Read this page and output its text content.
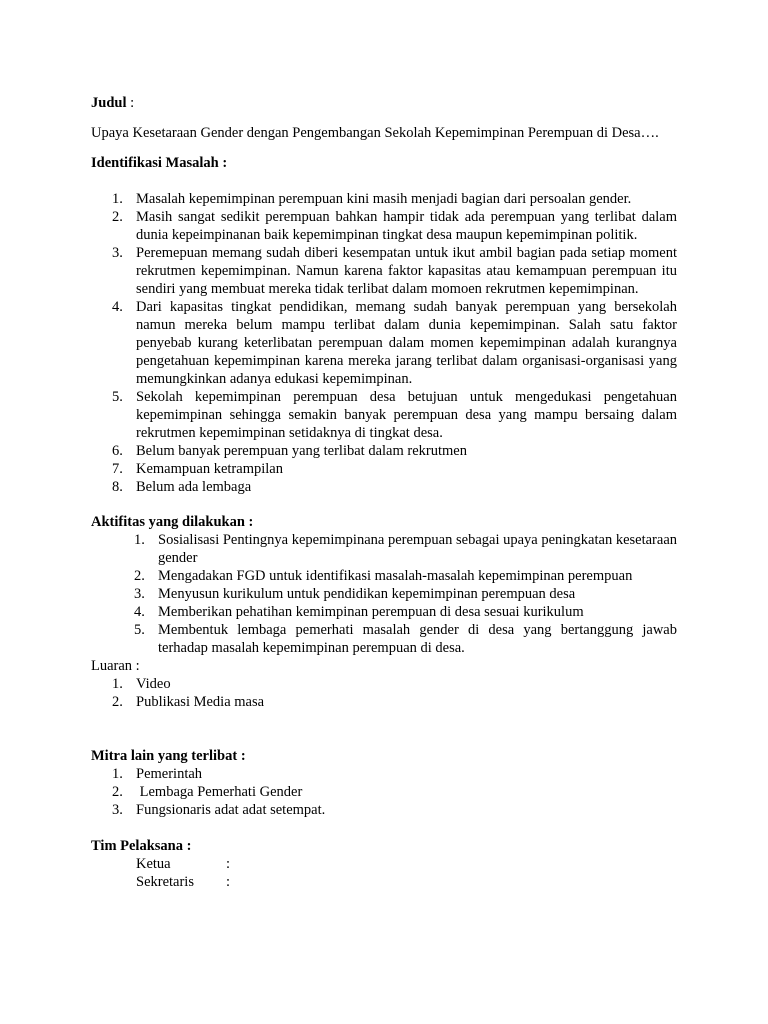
Judul :

Upaya Kesetaraan Gender dengan Pengembangan Sekolah Kepemimpinan Perempuan di Desa….

Identifikasi Masalah :

1. Masalah kepemimpinan perempuan kini masih menjadi bagian dari persoalan gender.
2. Masih sangat sedikit perempuan bahkan hampir tidak ada perempuan yang terlibat dalam dunia kepeimpinanan baik kepemimpinan tingkat desa maupun kepemimpinan politik.
3. Peremepuan memang sudah diberi kesempatan untuk ikut ambil bagian pada setiap moment rekrutmen kepemimpinan. Namun karena faktor kapasitas atau kemampuan perempuan itu sendiri yang membuat mereka tidak terlibat dalam momoen rekrutmen kepemimpinan.
4. Dari kapasitas tingkat pendidikan, memang sudah banyak perempuan yang bersekolah namun mereka belum mampu terlibat dalam dunia kepemimpinan. Salah satu faktor penyebab kurang keterlibatan perempuan dalam momen kepemimpinan adalah kurangnya pengetahuan kepemimpinan karena mereka jarang terlibat dalam organisasi-organisasi yang memungkinkan adanya edukasi kepemimpinan.
5. Sekolah kepemimpinan perempuan desa betujuan untuk mengedukasi pengetahuan kepemimpinan sehingga semakin banyak perempuan desa yang mampu bersaing dalam rekrutmen kepemimpinan setidaknya di tingkat desa.
6. Belum banyak perempuan yang terlibat dalam rekrutmen
7. Kemampuan ketrampilan
8. Belum ada lembaga

Aktifitas yang dilakukan :

1. Sosialisasi Pentingnya kepemimpinana perempuan sebagai upaya peningkatan kesetaraan gender
2. Mengadakan FGD untuk identifikasi masalah-masalah kepemimpinan perempuan
3. Menyusun kurikulum untuk pendidikan kepemimpinan perempuan desa
4. Memberikan pehatihan kemimpinan perempuan di desa sesuai kurikulum
5. Membentuk lembaga pemerhati masalah gender di desa yang bertanggung jawab terhadap masalah kepemimpinan perempuan di desa.

Luaran :

1. Video
2. Publikasi Media masa

Mitra lain yang terlibat :

1. Pemerintah
2. Lembaga Pemerhati Gender
3. Fungsionaris adat adat setempat.

Tim Pelaksana :

Ketua	:
Sekretaris :
